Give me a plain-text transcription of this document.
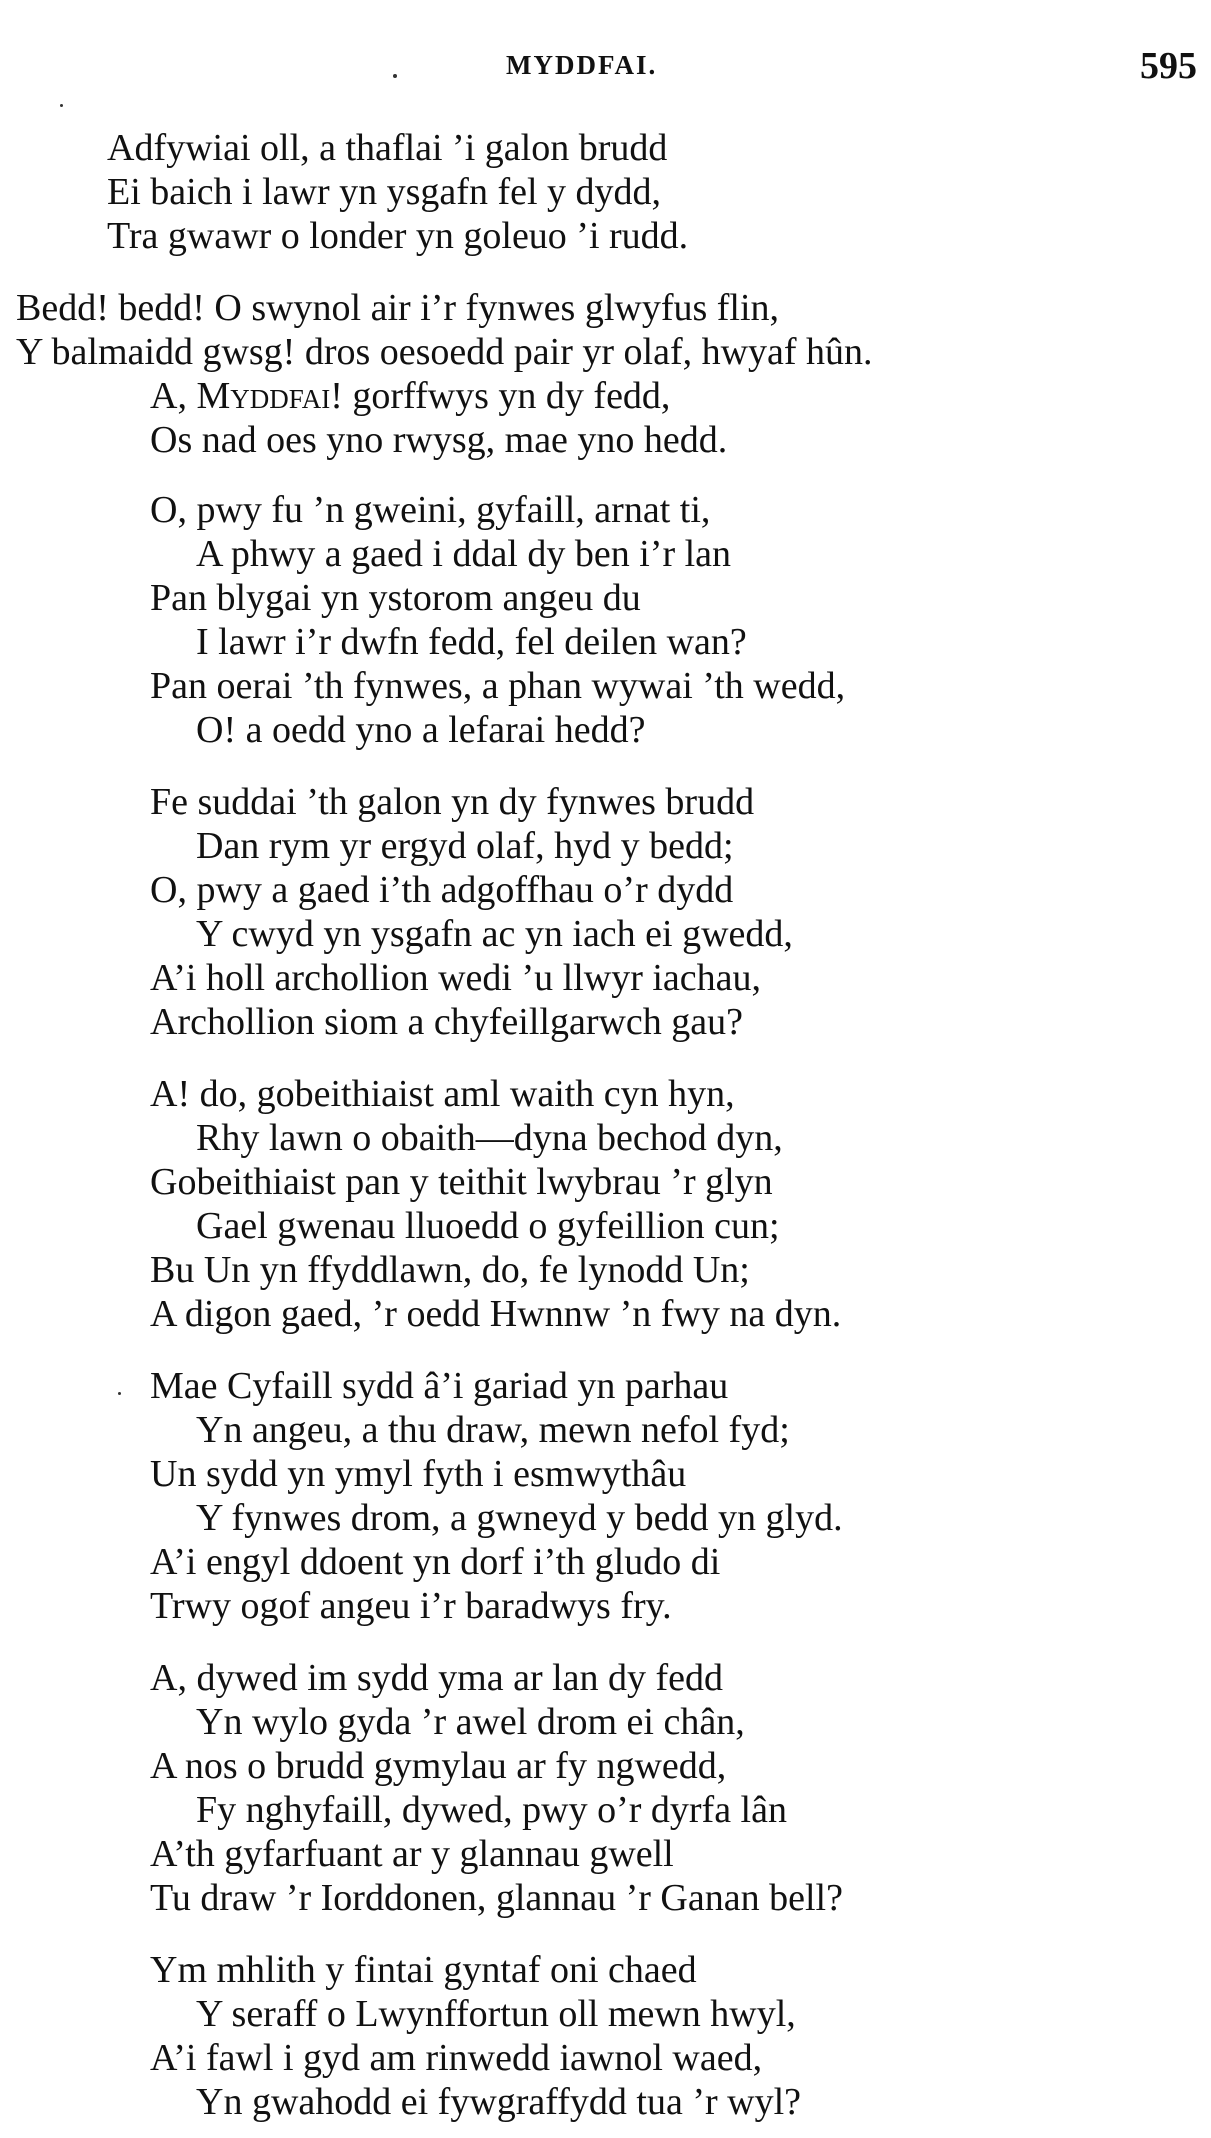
MYDDFAI.	595
Adfywiai oll, a thaflai ’i galon brudd
Ei baich i lawr yn ysgafn fel y dydd,
Tra gwawr o londer yn goleuo ’i rudd.
Bedd! bedd! O swynol air i’r fynwes glwyfus flin,
Y balmaidd gwsg! dros oesoedd pair yr olaf, hwyaf hûn.
A, Myddfai! gorffwys yn dy fedd,
Os nad oes yno rwysg, mae yno hedd.
O, pwy fu ’n gweini, gyfaill, arnat ti,
A phwy a gaed i ddal dy ben i’r lan
Pan blygai yn ystorom angeu du
I lawr i’r dwfn fedd, fel deilen wan?
Pan oerai ’th fynwes, a phan wywai ’th wedd,
O! a oedd yno a lefarai hedd?
Fe suddai ’th galon yn dy fynwes brudd
Dan rym yr ergyd olaf, hyd y bedd;
O, pwy a gaed i’th adgoffhau o’r dydd
Y cwyd yn ysgafn ac yn iach ei gwedd,
A’i holl archollion wedi ’u llwyr iachau,
Archollion siom a chyfeillgarwch gau?
A! do, gobeithiaist aml waith cyn hyn,
Rhy lawn o obaith—dyna bechod dyn,
Gobeithiaist pan y teithit lwybrau ’r glyn
Gael gwenau lluoedd o gyfeillion cun;
Bu Un yn ffyddlawn, do, fe lynodd Un;
A digon gaed, ’r oedd Hwnnw ’n fwy na dyn.
Mae Cyfaill sydd â’i gariad yn parhau
Yn angeu, a thu draw, mewn nefol fyd;
Un sydd yn ymyl fyth i esmwythâu
Y fynwes drom, a gwneyd y bedd yn glyd.
A’i engyl ddoent yn dorf i’th gludo di
Trwy ogof angeu i’r baradwys fry.
A, dywed im sydd yma ar lan dy fedd
Yn wylo gyda ’r awel drom ei chân,
A nos o brudd gymylau ar fy ngwedd,
Fy nghyfaill, dywed, pwy o’r dyrfa lân
A’th gyfarfuant ar y glannau gwell
Tu draw ’r Iorddonen, glannau ’r Ganan bell?
Ym mhlith y fintai gyntaf oni chaed
Y seraff o Lwynffortun oll mewn hwyl,
A’i fawl i gyd am rinwedd iawnol waed,
Yn gwahodd ei fywgraffydd tua ’r wyl?
